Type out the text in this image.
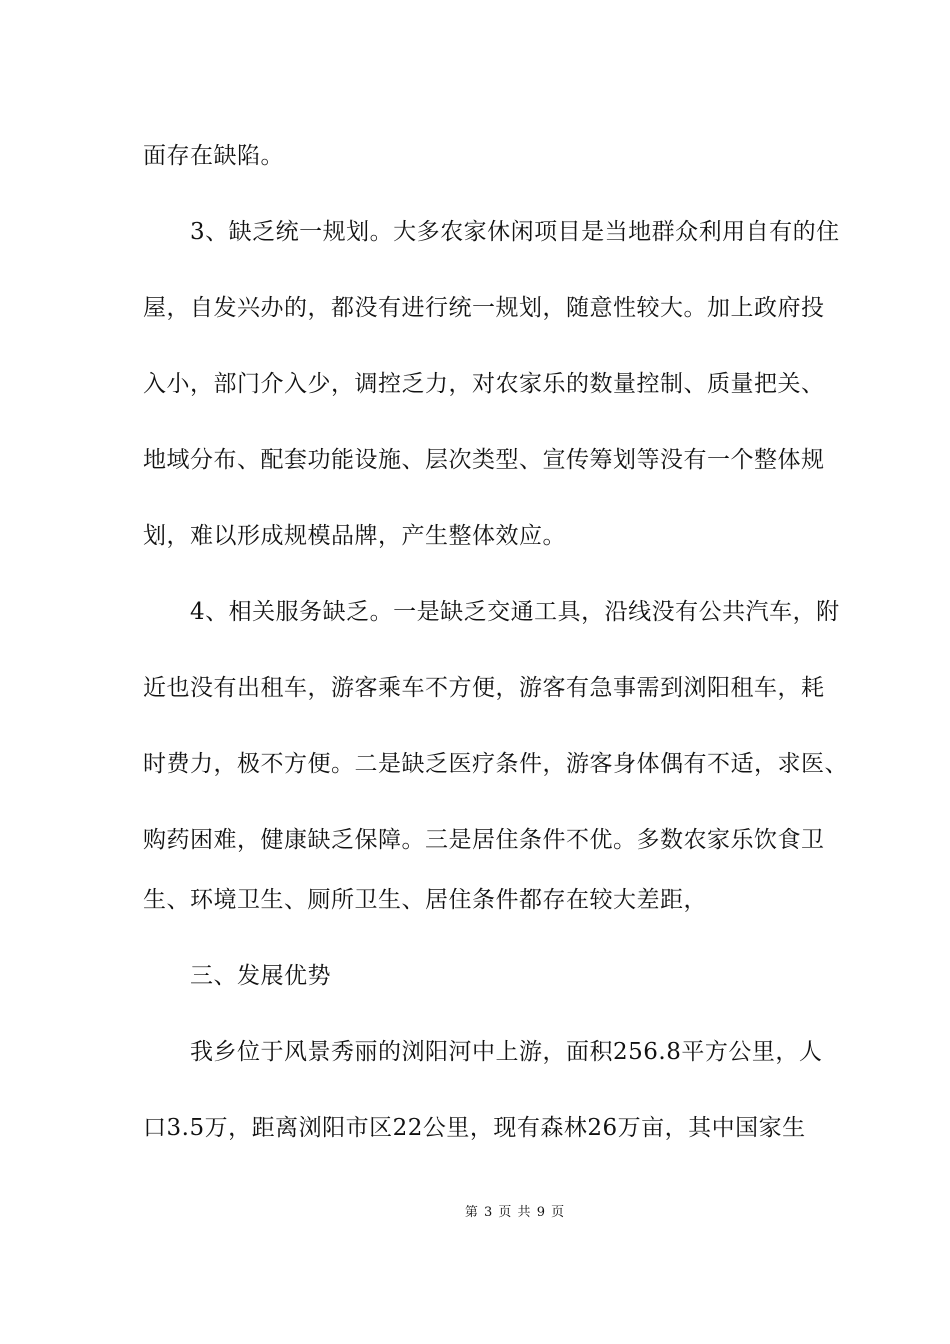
面存在缺陷。
3、缺乏统一规划。大多农家休闲项目是当地群众利用自有的住
屋，自发兴办的，都没有进行统一规划，随意性较大。加上政府投
入小，部门介入少，调控乏力，对农家乐的数量控制、质量把关、
地域分布、配套功能设施、层次类型、宣传筹划等没有一个整体规
划，难以形成规模品牌，产生整体效应。
4、相关服务缺乏。一是缺乏交通工具，沿线没有公共汽车，附
近也没有出租车，游客乘车不方便，游客有急事需到浏阳租车，耗
时费力，极不方便。二是缺乏医疗条件，游客身体偶有不适，求医、
购药困难，健康缺乏保障。三是居住条件不优。多数农家乐饮食卫
生、环境卫生、厕所卫生、居住条件都存在较大差距，
三、发展优势
我乡位于风景秀丽的浏阳河中上游，面积256.8平方公里，人
口3.5万，距离浏阳市区22公里，现有森林26万亩，其中国家生
第 3 页 共 9 页
